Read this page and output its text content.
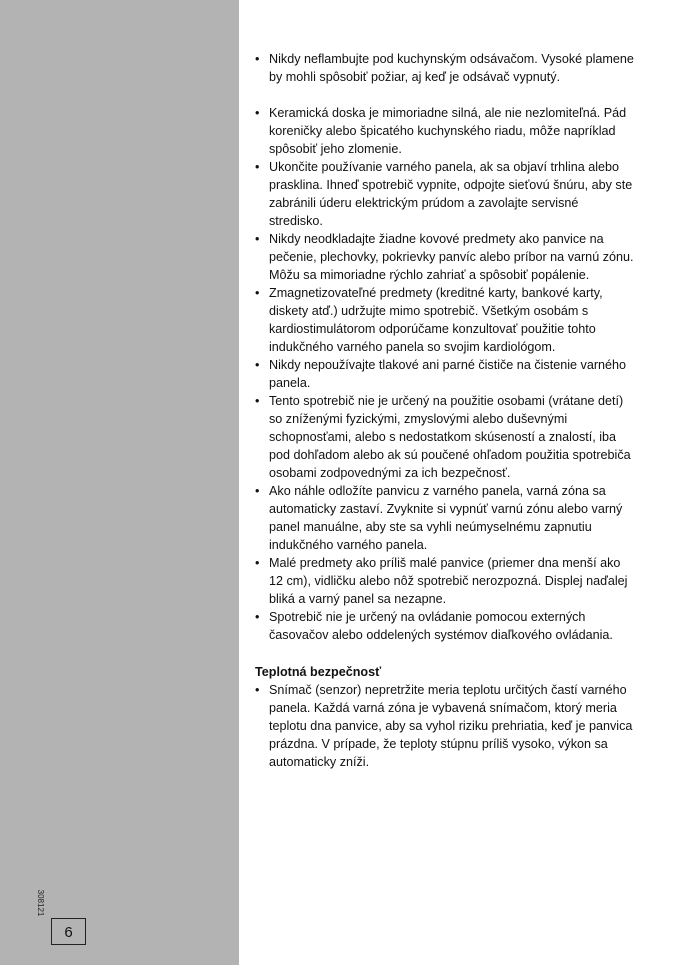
308121
6
• Nikdy neflambujte pod kuchynským odsávačom. Vysoké plamene by mohli spôsobiť požiar, aj keď je odsávač vypnutý.
• Keramická doska je mimoriadne silná, ale nie nezlomiteľná. Pád koreničky alebo špicatého kuchynského riadu, môže napríklad spôsobiť jeho zlomenie.
• Ukončite používanie varného panela, ak sa objaví trhlina alebo prasklina. Ihneď spotrebič vypnite, odpojte sieťovú šnúru, aby ste zabránili úderu elektrickým prúdom a zavolajte servisné stredisko.
• Nikdy neodkladajte žiadne kovové predmety ako panvice na pečenie, plechovky, pokrievky panvíc alebo príbor na varnú zónu. Môžu sa mimoriadne rýchlo zahriať a spôsobiť popálenie.
• Zmagnetizovateľné predmety (kreditné karty, bankové karty, diskety atď.) udržujte mimo spotrebič. Všetkým osobám s kardiostimulátorom odporúčame konzultovať použitie tohto indukčného varného panela so svojim kardiológom.
• Nikdy nepoužívajte tlakové ani parné čističe na čistenie varného panela.
• Tento spotrebič nie je určený na použitie osobami (vrátane detí) so zníženými fyzickými, zmyslovými alebo duševnými schopnosťami, alebo s nedostatkom skúseností a znalostí, iba pod dohľadom alebo ak sú poučené ohľadom použitia spotrebiča osobami zodpovednými za ich bezpečnosť.
• Ako náhle odložíte panvicu z varného panela, varná zóna sa automaticky zastaví. Zvyknite si vypnúť varnú zónu alebo varný panel manuálne, aby ste sa vyhli neúmyselnému zapnutiu indukčného varného panela.
• Malé predmety ako príliš malé panvice (priemer dna menší ako 12 cm), vidličku alebo nôž spotrebič nerozpozná. Displej naďalej bliká a varný panel sa nezapne.
• Spotrebič nie je určený na ovládanie pomocou externých časovačov alebo oddelených systémov diaľkového ovládania.
Teplotná bezpečnosť
• Snímač (senzor) nepretržite meria teplotu určitých častí varného panela. Každá varná zóna je vybavená snímačom, ktorý meria teplotu dna panvice, aby sa vyhol riziku prehriatia, keď je panvica prázdna. V prípade, že teploty stúpnu príliš vysoko, výkon sa automaticky zníži.
